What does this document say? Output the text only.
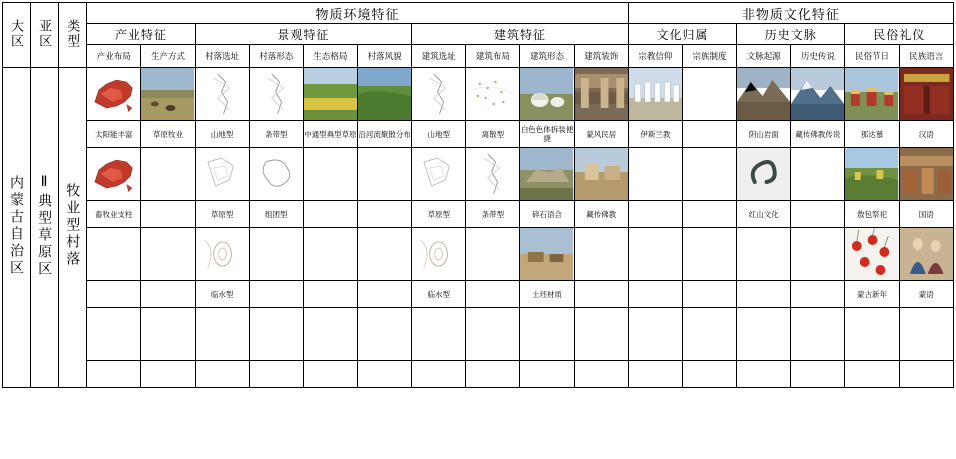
大区	亚区	类型	物质环境特征										非物质文化特征					
			产业特征		景观特征				建筑特征				文化归属		历史文脉		民俗礼仪	
			产业布局	生产方式	村落选址	村落形态	生态格局	村落风貌	建筑选址	建筑布局	建筑形态	建筑装饰	宗教信仰	宗族制度	文脉起源	历史传说	民俗节日	民族语言
内蒙古自治区	Ⅱ典型草原区	牧业型村落	

			太阳能丰富	草原牧业	山地型	条带型	中通型典型草原	沿河流聚散分布	山地型	离散型	白色色体拆装便捷	蒙风民居	伊斯兰教		阴山岩面	藏传佛教传说	那达慕	汉语

			畜牧业支柱		草原型	组团型			草原型	条带型	碎石语合	藏传佛教			红山文化		敖包祭祀	国语

					临水型				临水型		土坯材质						蒙古新年	蒙语
